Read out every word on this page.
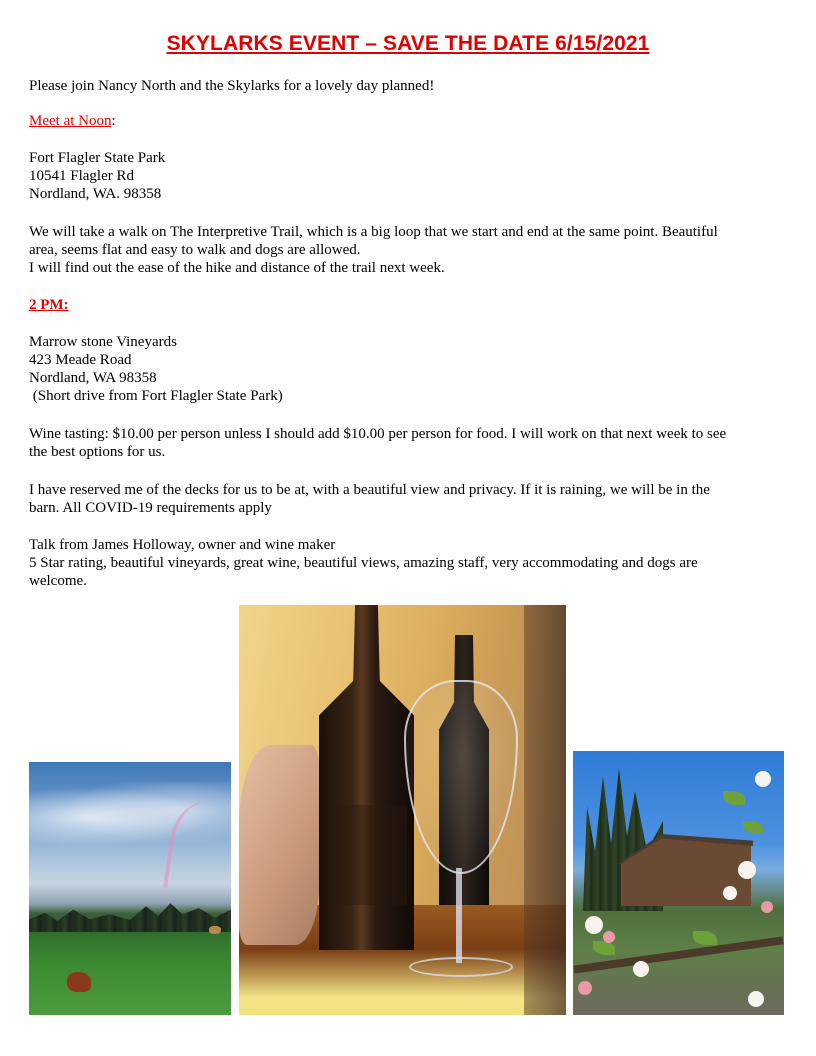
SKYLARKS EVENT – SAVE THE DATE 6/15/2021
Please join Nancy North and the Skylarks for a lovely day planned!
Meet at Noon:
Fort Flagler State Park
10541 Flagler Rd
Nordland, WA. 98358
We will take a walk on The Interpretive Trail, which is a big loop that we start and end at the same point. Beautiful
area, seems flat and easy to walk and dogs are allowed.
I will find out the ease of the hike and distance of the trail next week.
2 PM:
Marrow stone Vineyards
423 Meade Road
Nordland, WA 98358
(Short drive from Fort Flagler State Park)
Wine tasting: $10.00 per person unless I should add $10.00 per person for food. I will work on that next week to see
the best options for us.
I have reserved me of the decks for us to be at, with a beautiful view and privacy. If it is raining, we will be in the
barn. All COVID-19 requirements apply
Talk from James Holloway, owner and wine maker
5 Star rating, beautiful vineyards, great wine, beautiful views, amazing staff, very accommodating and dogs are
welcome.
